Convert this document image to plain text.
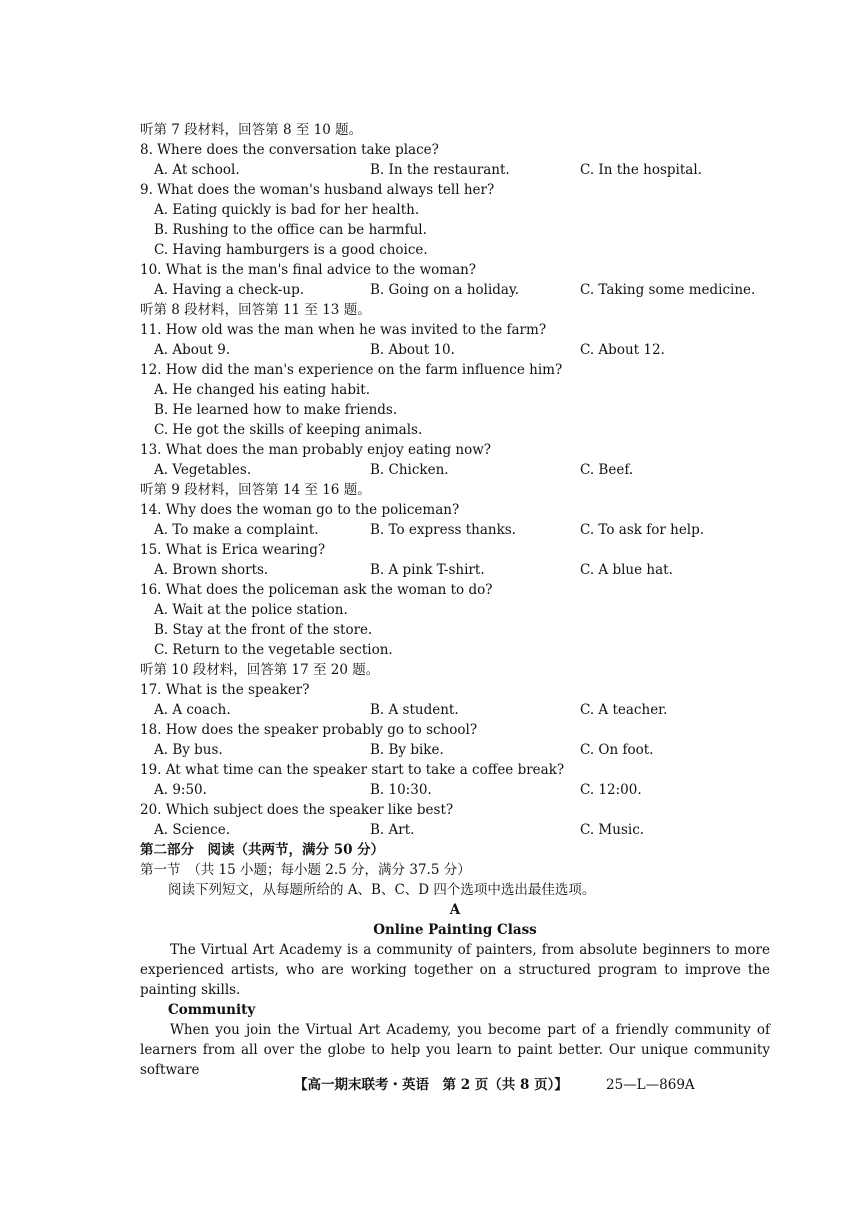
听第 7 段材料，回答第 8 至 10 题。
8. Where does the conversation take place?
A. At school.	B. In the restaurant.	C. In the hospital.
9. What does the woman's husband always tell her?
A. Eating quickly is bad for her health.
B. Rushing to the office can be harmful.
C. Having hamburgers is a good choice.
10. What is the man's final advice to the woman?
A. Having a check-up.	B. Going on a holiday.	C. Taking some medicine.
听第 8 段材料，回答第 11 至 13 题。
11. How old was the man when he was invited to the farm?
A. About 9.	B. About 10.	C. About 12.
12. How did the man's experience on the farm influence him?
A. He changed his eating habit.
B. He learned how to make friends.
C. He got the skills of keeping animals.
13. What does the man probably enjoy eating now?
A. Vegetables.	B. Chicken.	C. Beef.
听第 9 段材料，回答第 14 至 16 题。
14. Why does the woman go to the policeman?
A. To make a complaint.	B. To express thanks.	C. To ask for help.
15. What is Erica wearing?
A. Brown shorts.	B. A pink T-shirt.	C. A blue hat.
16. What does the policeman ask the woman to do?
A. Wait at the police station.
B. Stay at the front of the store.
C. Return to the vegetable section.
听第 10 段材料，回答第 17 至 20 题。
17. What is the speaker?
A. A coach.	B. A student.	C. A teacher.
18. How does the speaker probably go to school?
A. By bus.	B. By bike.	C. On foot.
19. At what time can the speaker start to take a coffee break?
A. 9:50.	B. 10:30.	C. 12:00.
20. Which subject does the speaker like best?
A. Science.	B. Art.	C. Music.
第二部分　阅读（共两节，满分 50 分）
第一节　（共 15 小题；每小题 2.5 分，满分 37.5 分）
阅读下列短文，从每题所给的 A、B、C、D 四个选项中选出最佳选项。
A
Online Painting Class

The Virtual Art Academy is a community of painters, from absolute beginners to more experienced artists, who are working together on a structured program to improve the painting skills.

Community

When you join the Virtual Art Academy, you become part of a friendly community of learners from all over the globe to help you learn to paint better. Our unique community software

【高一期末联考・英语　第 2 页（共 8 页）】	25—L—869A
